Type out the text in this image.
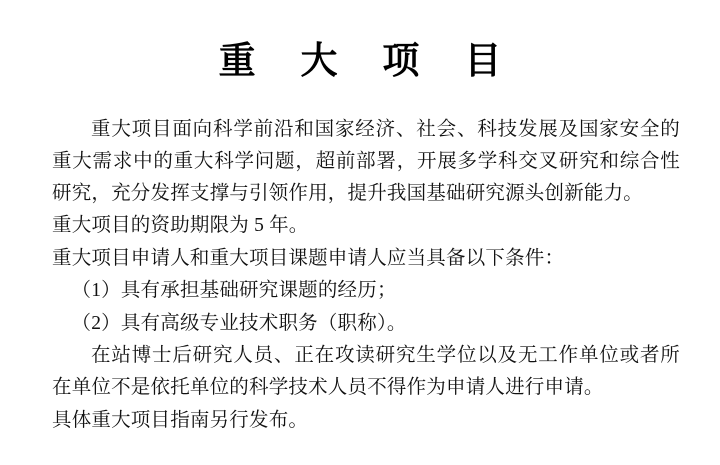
重 大 项 目

重大项目面向科学前沿和国家经济、社会、科技发展及国家安全的重大需求中的重大科学问题，超前部署，开展多学科交叉研究和综合性研究，充分发挥支撑与引领作用，提升我国基础研究源头创新能力。

重大项目的资助期限为 5 年。

重大项目申请人和重大项目课题申请人应当具备以下条件：

（1）具有承担基础研究课题的经历；

（2）具有高级专业技术职务（职称）。

在站博士后研究人员、正在攻读研究生学位以及无工作单位或者所在单位不是依托单位的科学技术人员不得作为申请人进行申请。

具体重大项目指南另行发布。
